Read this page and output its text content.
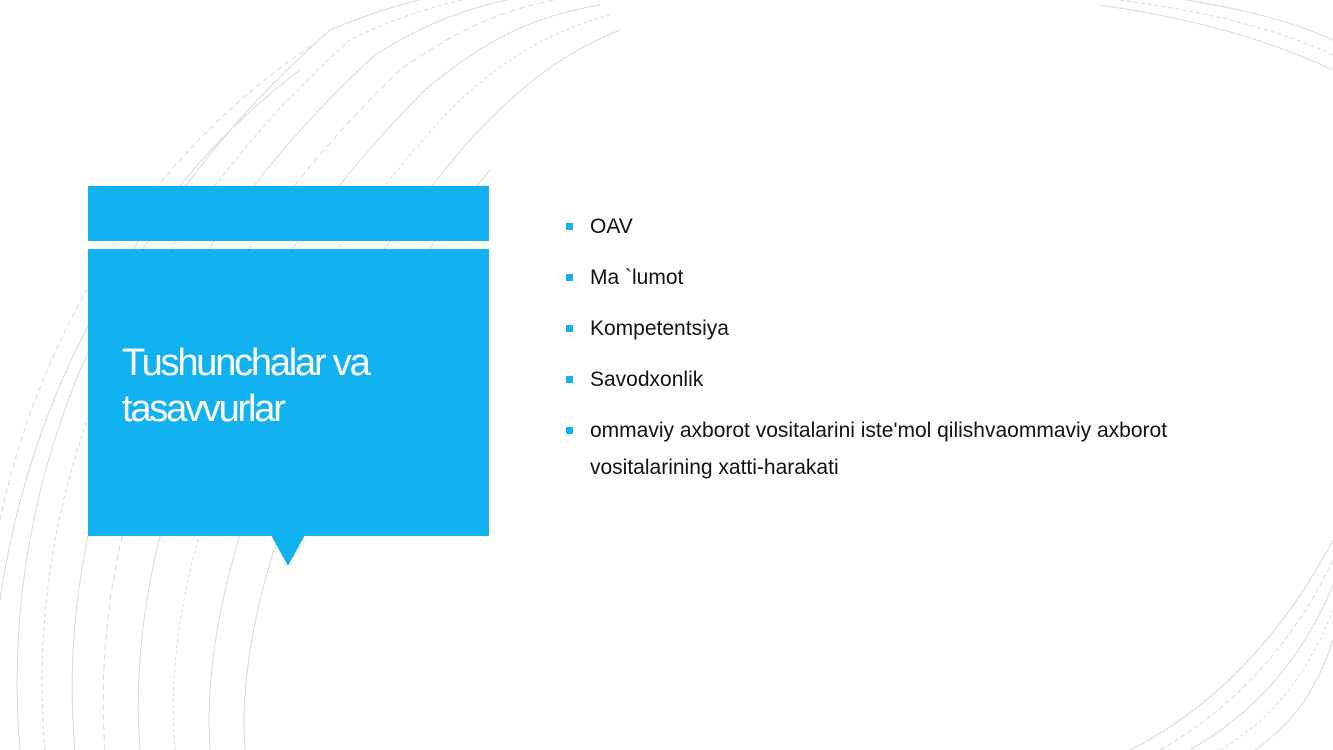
Tushunchalar va tasavvurlar
OAV
Ma `lumot
Kompetentsiya
Savodxonlik
ommaviy axborot vositalarini iste'mol qilishvaommaviy axborot vositalarining xatti-harakati
